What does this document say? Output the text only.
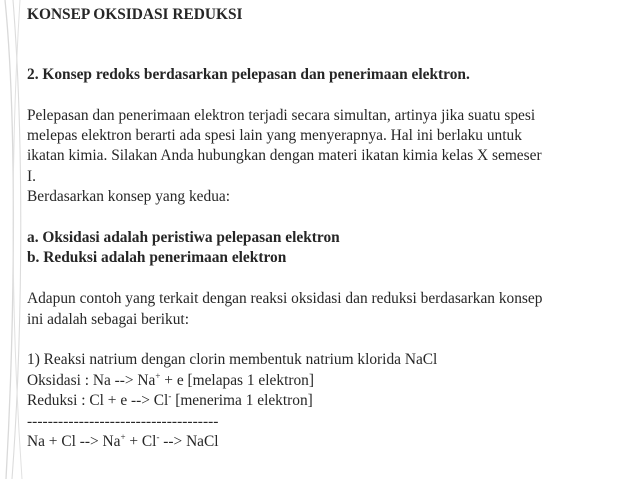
KONSEP OKSIDASI REDUKSI

2. Konsep redoks berdasarkan pelepasan dan penerimaan elektron.

Pelepasan dan penerimaan elektron terjadi secara simultan, artinya jika suatu spesi

melepas elektron berarti ada spesi lain yang menyerapnya. Hal ini berlaku untuk

ikatan kimia. Silakan Anda hubungkan dengan materi ikatan kimia kelas X semeser

I.

Berdasarkan konsep yang kedua:

a. Oksidasi adalah peristiwa pelepasan elektron

b. Reduksi adalah penerimaan elektron

Adapun contoh yang terkait dengan reaksi oksidasi dan reduksi berdasarkan konsep

ini adalah sebagai berikut:

1) Reaksi natrium dengan clorin membentuk natrium klorida NaCl

Oksidasi : Na --> Na+ + e [melapas 1 elektron]

Reduksi : Cl + e --> Cl- [menerima 1 elektron]

-------------------------------------

Na + Cl --> Na+ + Cl- --> NaCl
